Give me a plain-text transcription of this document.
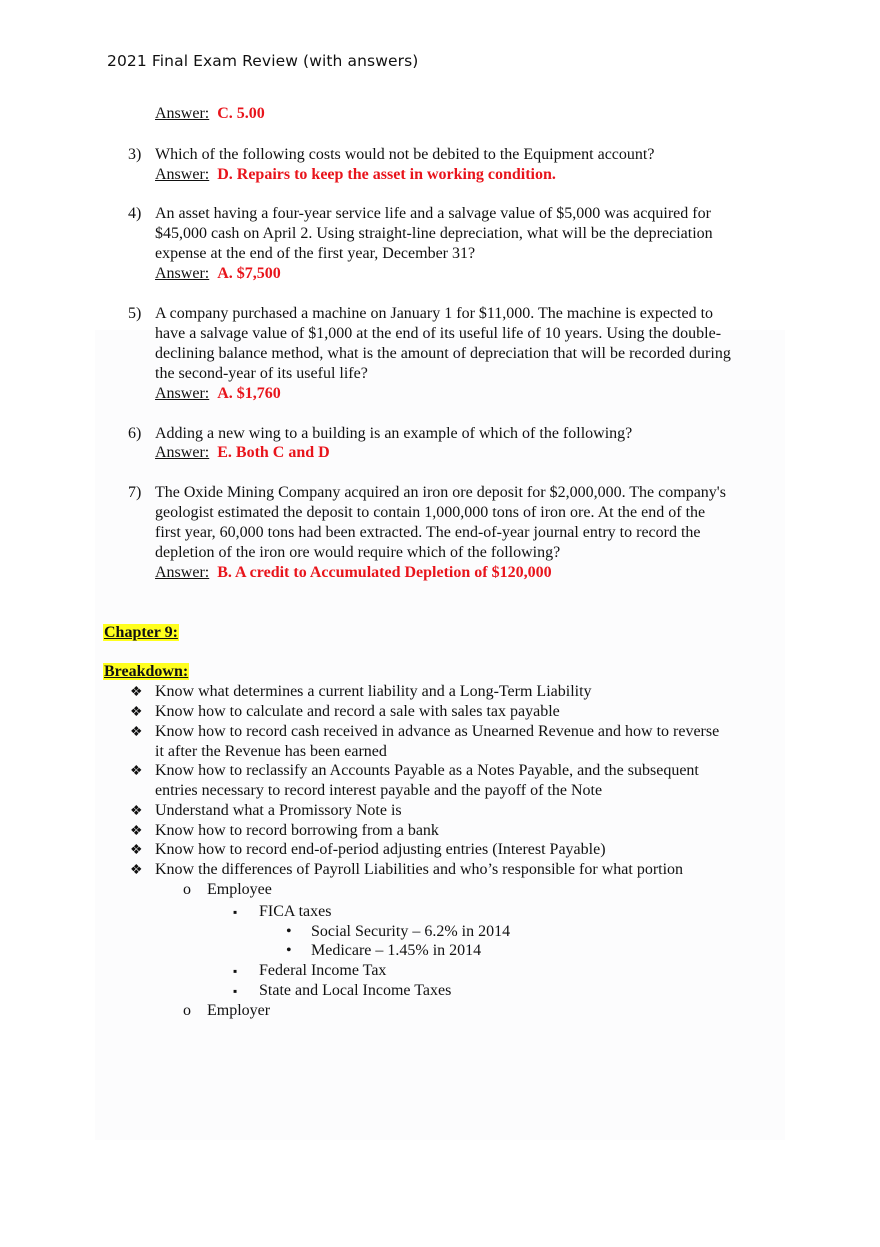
2021 Final Exam Review (with answers)
Answer: C. 5.00
3) Which of the following costs would not be debited to the Equipment account?
Answer: D. Repairs to keep the asset in working condition.
4) An asset having a four-year service life and a salvage value of $5,000 was acquired for
$45,000 cash on April 2. Using straight-line depreciation, what will be the depreciation
expense at the end of the first year, December 31?
Answer: A. $7,500
5) A company purchased a machine on January 1 for $11,000. The machine is expected to
have a salvage value of $1,000 at the end of its useful life of 10 years. Using the double-
declining balance method, what is the amount of depreciation that will be recorded during
the second-year of its useful life?
Answer: A. $1,760
6) Adding a new wing to a building is an example of which of the following?
Answer: E. Both C and D
7) The Oxide Mining Company acquired an iron ore deposit for $2,000,000. The company's
geologist estimated the deposit to contain 1,000,000 tons of iron ore. At the end of the
first year, 60,000 tons had been extracted. The end-of-year journal entry to record the
depletion of the iron ore would require which of the following?
Answer: B. A credit to Accumulated Depletion of $120,000
Chapter 9:
Breakdown:
❖ Know what determines a current liability and a Long-Term Liability
❖ Know how to calculate and record a sale with sales tax payable
❖ Know how to record cash received in advance as Unearned Revenue and how to reverse
it after the Revenue has been earned
❖ Know how to reclassify an Accounts Payable as a Notes Payable, and the subsequent
entries necessary to record interest payable and the payoff of the Note
❖ Understand what a Promissory Note is
❖ Know how to record borrowing from a bank
❖ Know how to record end-of-period adjusting entries (Interest Payable)
❖ Know the differences of Payroll Liabilities and who’s responsible for what portion
o Employee
▪ FICA taxes
• Social Security – 6.2% in 2014
• Medicare – 1.45% in 2014
▪ Federal Income Tax
▪ State and Local Income Taxes
o Employer
